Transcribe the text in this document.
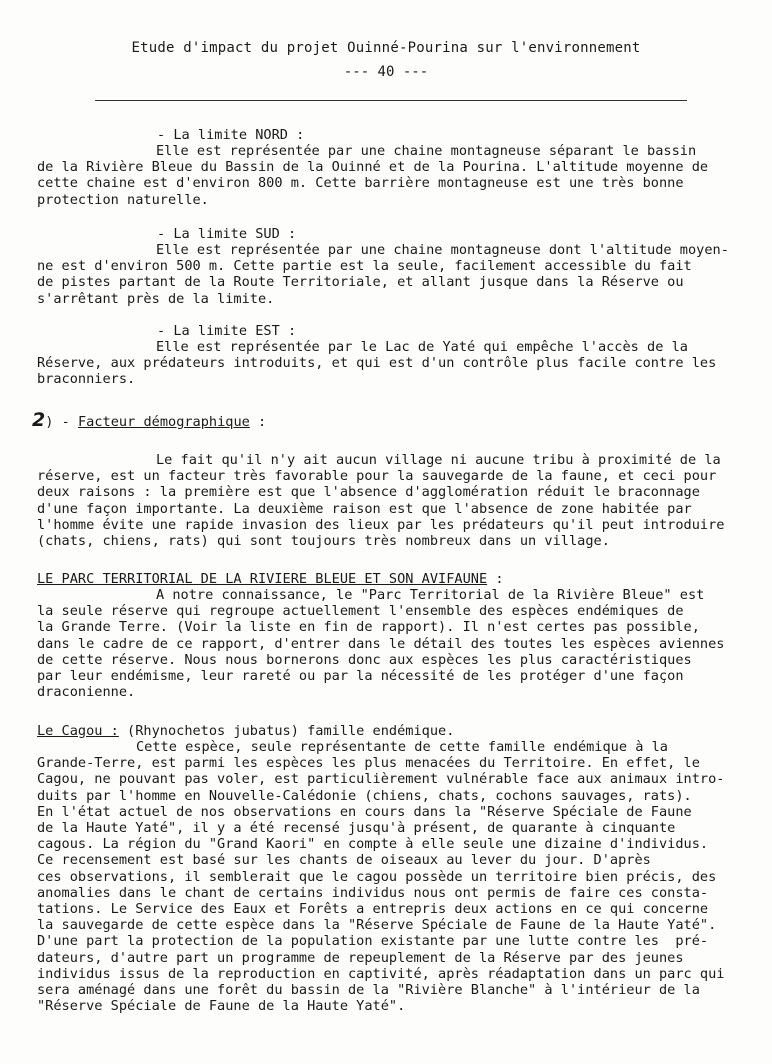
Etude d'impact du projet Ouinné-Pourina sur l'environnement
--- 40 ---
- La limite NORD :
Elle est représentée par une chaine montagneuse séparant le bassin
de la Rivière Bleue du Bassin de la Ouinné et de la Pourina. L'altitude moyenne de
cette chaine est d'environ 800 m. Cette barrière montagneuse est une très bonne
protection naturelle.
- La limite SUD :
Elle est représentée par une chaine montagneuse dont l'altitude moyen-
ne est d'environ 500 m. Cette partie est la seule, facilement accessible du fait
de pistes partant de la Route Territoriale, et allant jusque dans la Réserve ou
s'arrêtant près de la limite.
- La limite EST :
Elle est représentée par le Lac de Yaté qui empêche l'accès de la
Réserve, aux prédateurs introduits, et qui est d'un contrôle plus facile contre les
braconniers.
2) - Facteur démographique :
Le fait qu'il n'y ait aucun village ni aucune tribu à proximité de la
réserve, est un facteur très favorable pour la sauvegarde de la faune, et ceci pour
deux raisons : la première est que l'absence d'agglomération réduit le braconnage
d'une façon importante. La deuxième raison est que l'absence de zone habitée par
l'homme évite une rapide invasion des lieux par les prédateurs qu'il peut introduire
(chats, chiens, rats) qui sont toujours très nombreux dans un village.
LE PARC TERRITORIAL DE LA RIVIERE BLEUE ET SON AVIFAUNE :
A notre connaissance, le "Parc Territorial de la Rivière Bleue" est
la seule réserve qui regroupe actuellement l'ensemble des espèces endémiques de
la Grande Terre. (Voir la liste en fin de rapport). Il n'est certes pas possible,
dans le cadre de ce rapport, d'entrer dans le détail des toutes les espèces aviennes
de cette réserve. Nous nous bornerons donc aux espèces les plus caractéristiques
par leur endémisme, leur rareté ou par la nécessité de les protéger d'une façon
draconienne.
Le Cagou : (Rhynochetos jubatus) famille endémique.
Cette espèce, seule représentante de cette famille endémique à la
Grande-Terre, est parmi les espèces les plus menacées du Territoire. En effet, le
Cagou, ne pouvant pas voler, est particulièrement vulnérable face aux animaux intro-
duits par l'homme en Nouvelle-Calédonie (chiens, chats, cochons sauvages, rats).
En l'état actuel de nos observations en cours dans la "Réserve Spéciale de Faune
de la Haute Yaté", il y a été recensé jusqu'à présent, de quarante à cinquante
cagous. La région du "Grand Kaori" en compte à elle seule une dizaine d'individus.
Ce recensement est basé sur les chants de oiseaux au lever du jour. D'après
ces observations, il semblerait que le cagou possède un territoire bien précis, des
anomalies dans le chant de certains individus nous ont permis de faire ces consta-
tations. Le Service des Eaux et Forêts a entrepris deux actions en ce qui concerne
la sauvegarde de cette espèce dans la "Réserve Spéciale de Faune de la Haute Yaté".
D'une part la protection de la population existante par une lutte contre les  pré-
dateurs, d'autre part un programme de repeuplement de la Réserve par des jeunes
individus issus de la reproduction en captivité, après réadaptation dans un parc qui
sera aménagé dans une forêt du bassin de la "Rivière Blanche" à l'intérieur de la
"Réserve Spéciale de Faune de la Haute Yaté".
